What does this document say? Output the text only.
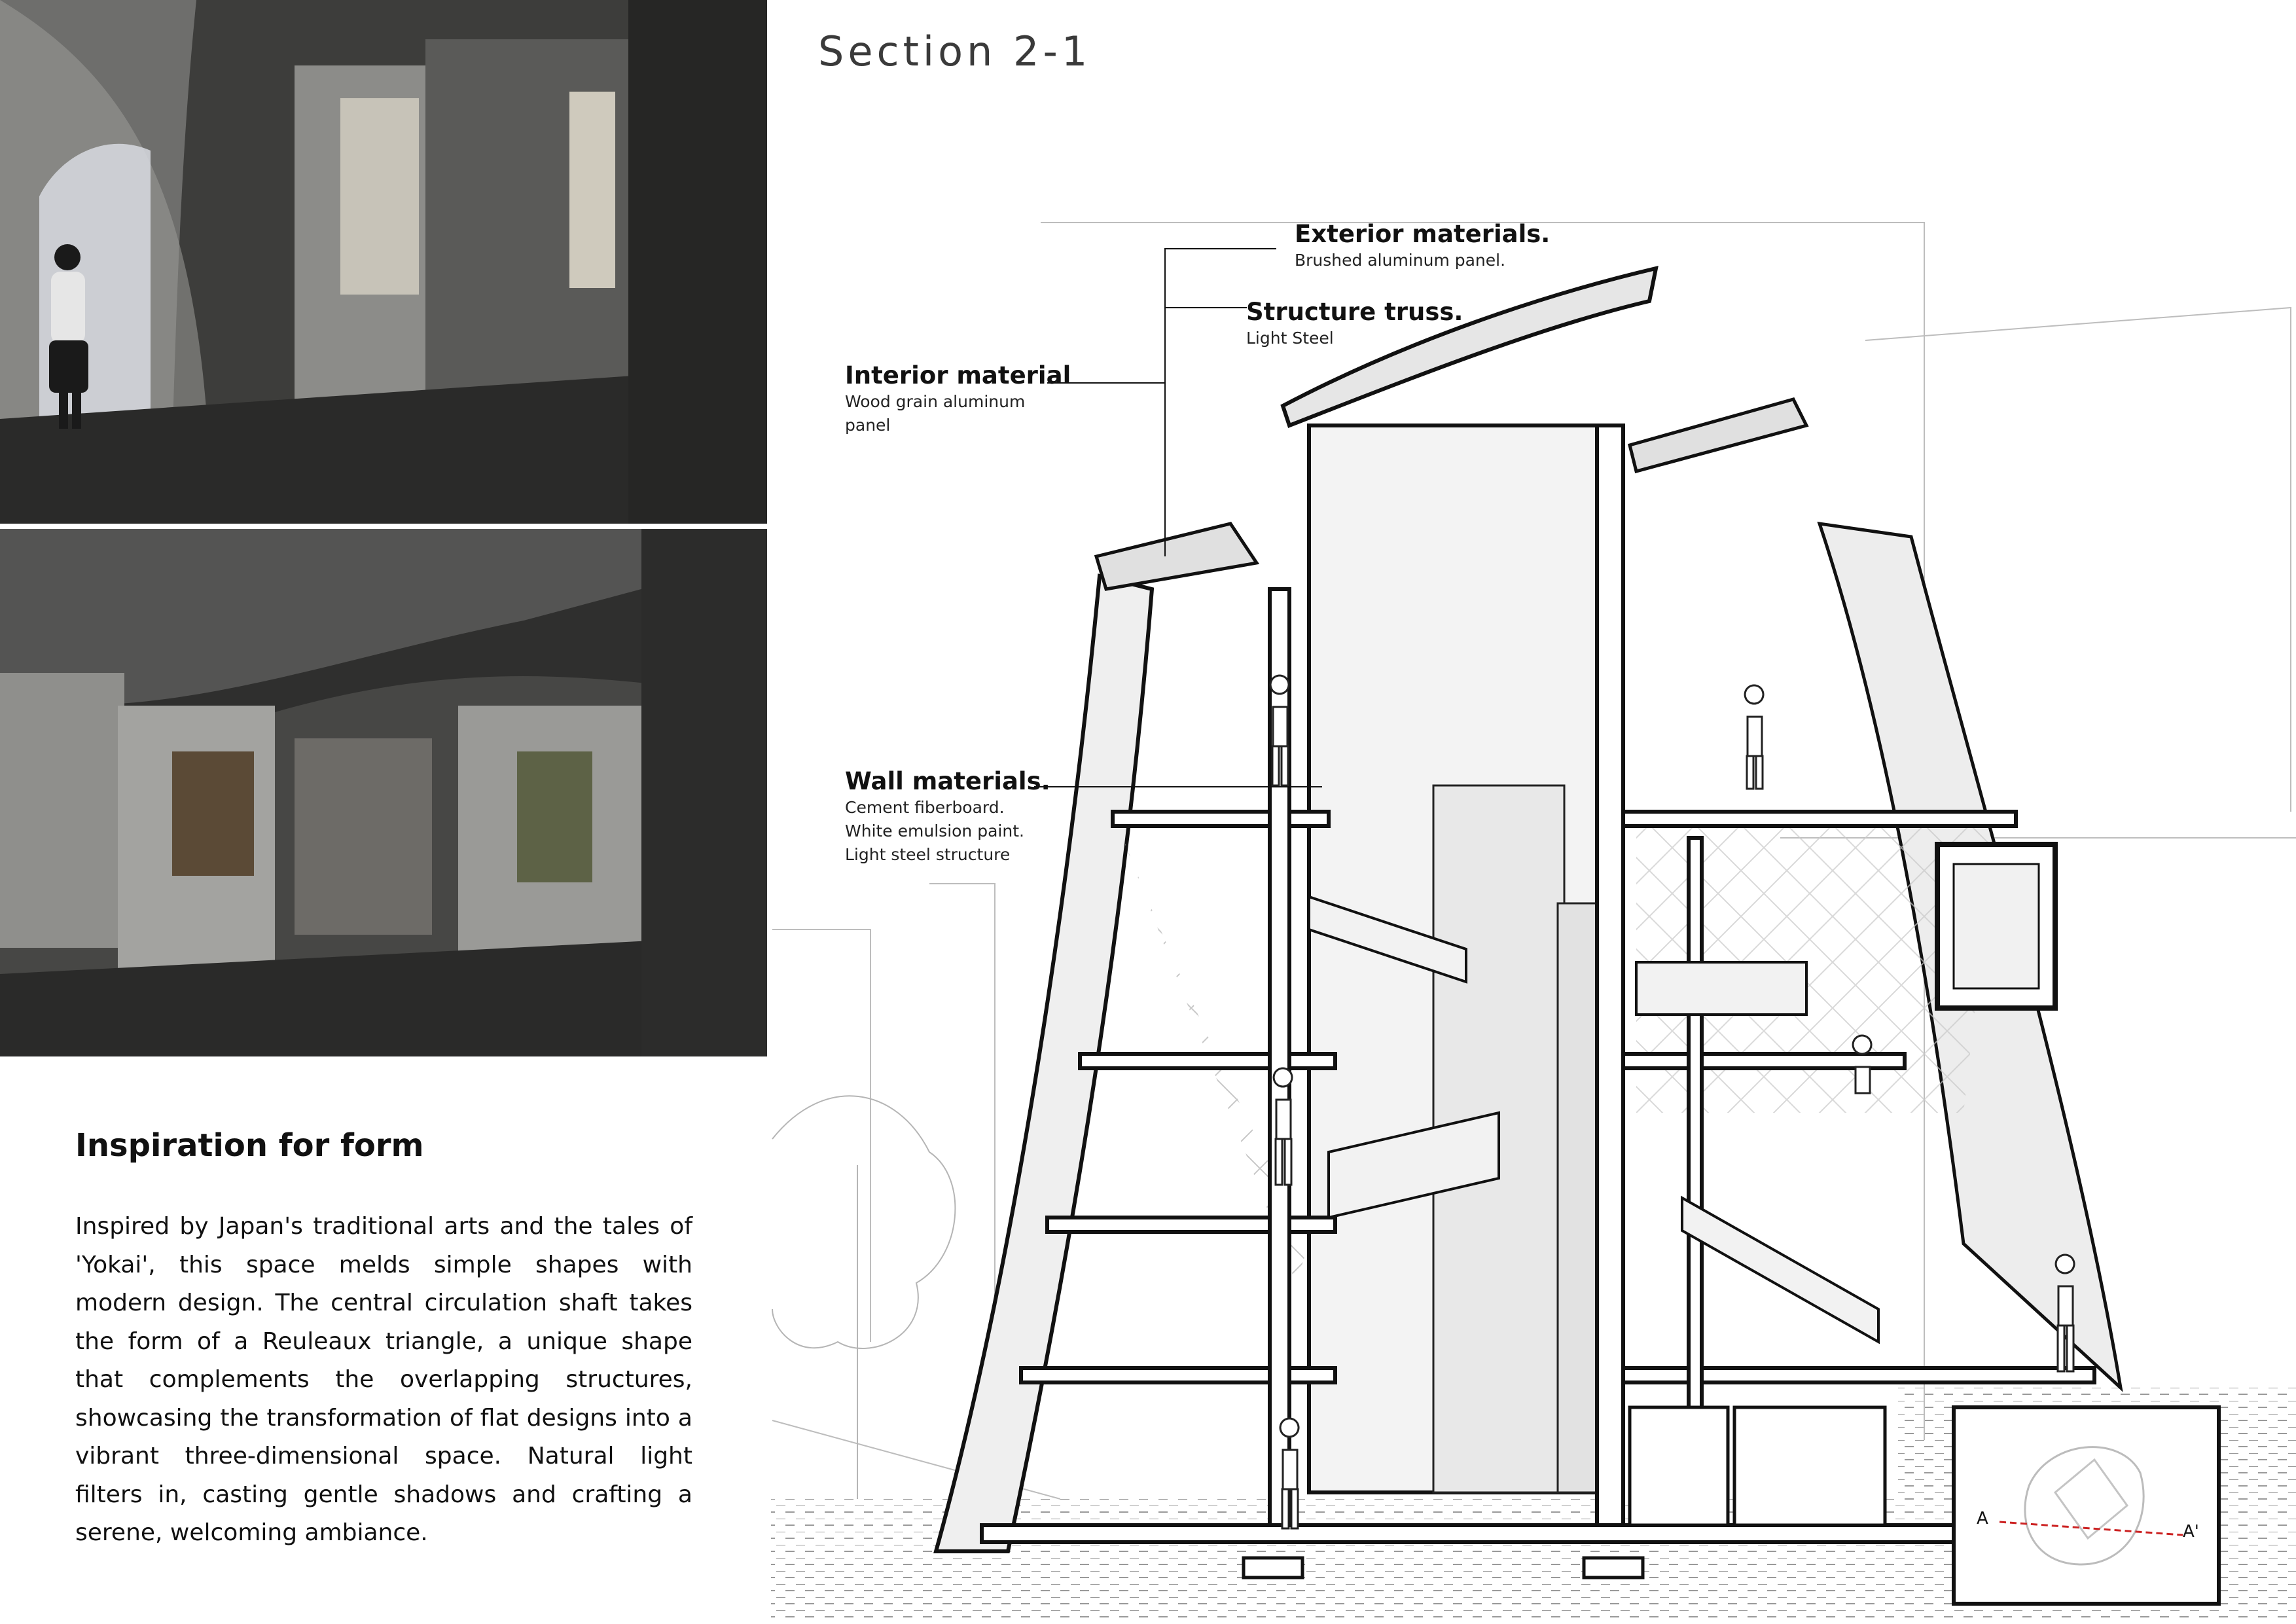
Section 2-1
Inspiration for form

Inspired by Japan's traditional arts and the tales of 'Yokai', this space melds simple shapes with modern design. The central circulation shaft takes the form of a Reuleaux triangle, a unique shape that complements the overlapping structures, showcasing the transformation of flat designs into a vibrant three-dimensional space. Natural light filters in, casting gentle shadows and crafting a serene, welcoming ambiance.

A
A'
Exterior materials.
Brushed aluminum panel.
Structure truss.
Light Steel
Interior material
Wood grain aluminum
panel
Wall materials.
Cement fiberboard.
White emulsion paint.
Light steel structure
